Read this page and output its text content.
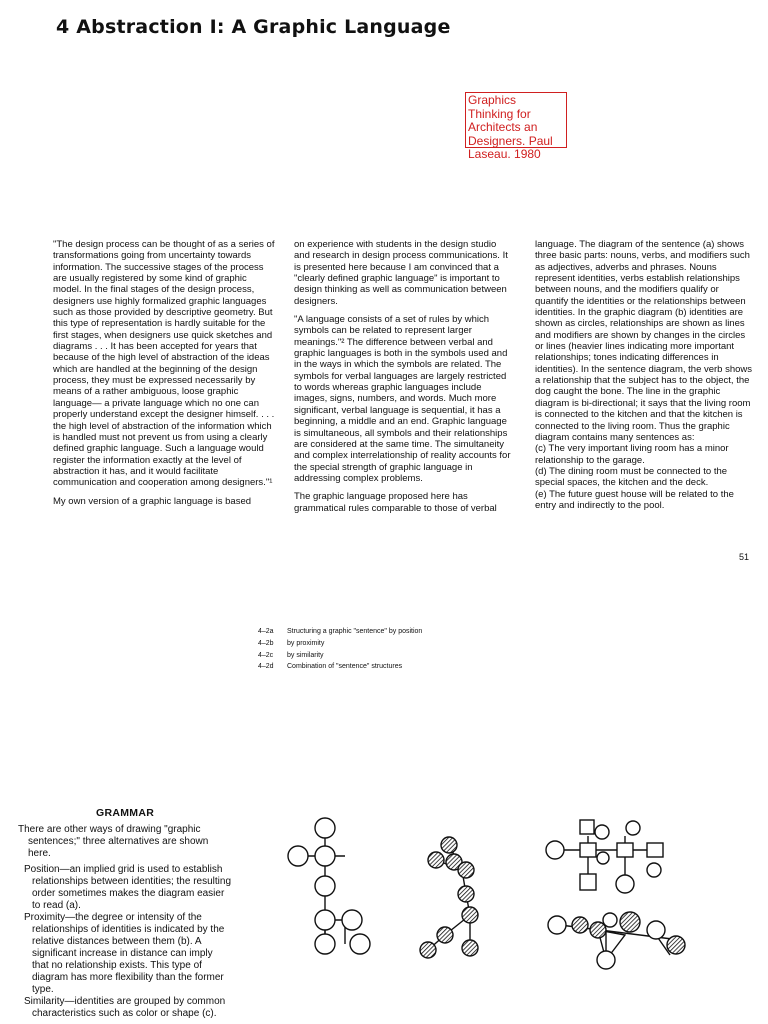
4 Abstraction I: A Graphic Language
Graphics Thinking for Architects an Designers. Paul Laseau. 1980

"The design process can be thought of as a series of transformations going from uncertainty towards information. The successive stages of the process are usually registered by some kind of graphic model. In the final stages of the design process, designers use highly formalized graphic languages such as those provided by descriptive geometry. But this type of representation is hardly suitable for the first stages, when designers use quick sketches and diagrams . . . It has been accepted for years that because of the high level of abstraction of the ideas which are handled at the beginning of the design process, they must be expressed necessarily by means of a rather ambiguous, loose graphic language— a private language which no one can properly understand except the designer himself. . . . the high level of abstraction of the information which is handled must not prevent us from using a clearly defined graphic language. Such a language would register the information exactly at the level of abstraction it has, and it would facilitate communication and cooperation among designers."¹

My own version of a graphic language is based

on experience with students in the design studio and research in design process communications. It is presented here because I am convinced that a "clearly defined graphic language" is important to design thinking as well as communication between designers.

"A language consists of a set of rules by which symbols can be related to represent larger meanings."² The difference between verbal and graphic languages is both in the symbols used and in the ways in which the symbols are related. The symbols for verbal languages are largely restricted to words whereas graphic languages include images, signs, numbers, and words. Much more significant, verbal language is sequential, it has a beginning, a middle and an end. Graphic language is simultaneous, all symbols and their relationships are considered at the same time. The simultaneity and complex interrelationship of reality accounts for the special strength of graphic language in addressing complex problems.

The graphic language proposed here has grammatical rules comparable to those of verbal

language. The diagram of the sentence (a) shows three basic parts: nouns, verbs, and modifiers such as adjectives, adverbs and phrases. Nouns represent identities, verbs establish relationships between nouns, and the modifiers qualify or quantify the identities or the relationships between identities. In the graphic diagram (b) identities are shown as circles, relationships are shown as lines and modifiers are shown by changes in the circles or lines (heavier lines indicating more important relationships; tones indicating differences in identities). In the sentence diagram, the verb shows a relationship that the subject has to the object, the dog caught the bone. The line in the graphic diagram is bi-directional; it says that the living room is connected to the kitchen and that the kitchen is connected to the living room. Thus the graphic diagram contains many sentences as:

(c) The very important living room has a minor relationship to the garage.

(d) The dining room must be connected to the special spaces, the kitchen and the deck.

(e) The future guest house will be related to the entry and indirectly to the pool.

51
4–2a	Structuring a graphic "sentence" by position
4–2b	by proximity
4–2c	by similarity
4–2d	Combination of "sentence" structures
GRAMMAR

There are other ways of drawing "graphic sentences;" three alternatives are shown here.

Position—an implied grid is used to establish relationships between identities; the resulting order sometimes makes the diagram easier to read (a).

Proximity—the degree or intensity of the relationships of identities is indicated by the relative distances between them (b). A significant increase in distance can imply that no relationship exists. This type of diagram has more flexibility than the former type.

Similarity—identities are grouped by common characteristics such as color or shape (c).
